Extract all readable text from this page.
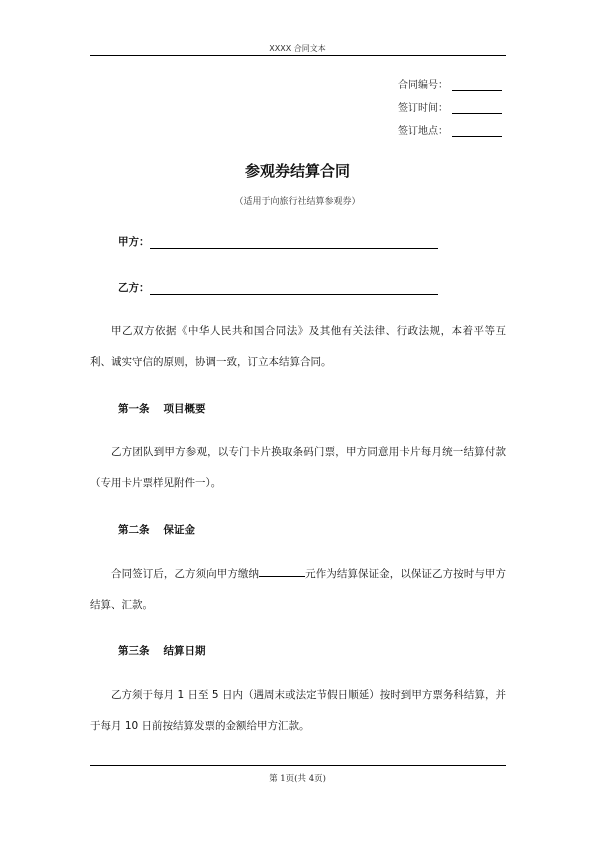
XXXX 合同文本
合同编号：
签订时间：
签订地点：
参观券结算合同
（适用于向旅行社结算参观券）
甲方：
乙方：
甲乙双方依据《中华人民共和国合同法》及其他有关法律、行政法规，本着平等互利、诚实守信的原则，协调一致，订立本结算合同。
第一条 项目概要
乙方团队到甲方参观，以专门卡片换取条码门票，甲方同意用卡片每月统一结算付款（专用卡片票样见附件一）。
第二条 保证金
合同签订后，乙方须向甲方缴纳	元作为结算保证金，以保证乙方按时与甲方结算、汇款。
第三条 结算日期
乙方须于每月 1 日至 5 日内（遇周末或法定节假日顺延）按时到甲方票务科结算，并于每月 10 日前按结算发票的金额给甲方汇款。
第 1页(共 4页)
